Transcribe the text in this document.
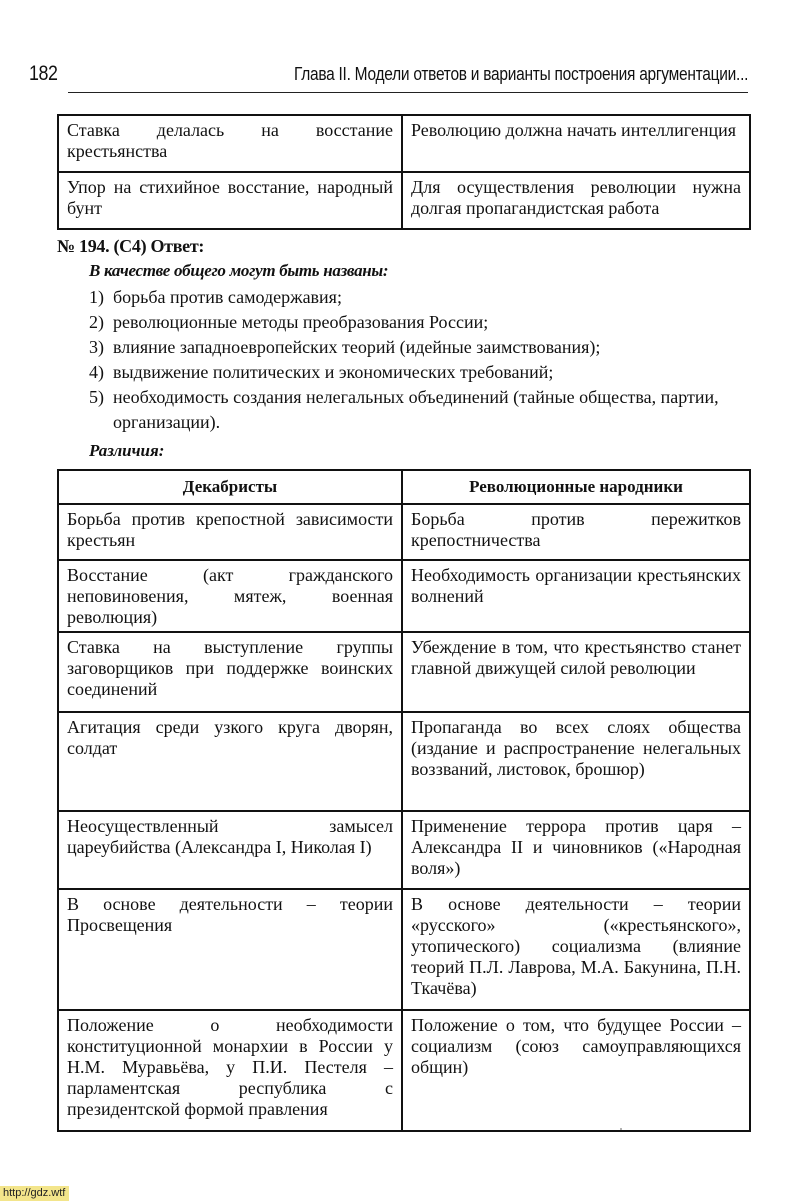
182	Глава II. Модели ответов и варианты построения аргументации...
Ставка делалась на восстание крестьянства	Революцию должна начать интеллигенция
Упор на стихийное восстание, народный бунт	Для осуществления революции нужна долгая пропагандистская работа
№ 194. (С4) Ответ:
В качестве общего могут быть названы:
1) борьба против самодержавия;
2) революционные методы преобразования России;
3) влияние западноевропейских теорий (идейные заимствования);
4) выдвижение политических и экономических требований;
5) необходимость создания нелегальных объединений (тайные общества, партии, организации).
Различия:
Декабристы	Революционные народники
Борьба против крепостной зависимости крестьян	Борьба против пережитков крепостничества
Восстание (акт гражданского неповиновения, мятеж, военная революция)	Необходимость организации крестьянских волнений
Ставка на выступление группы заговорщиков при поддержке воинских соединений	Убеждение в том, что крестьянство станет главной движущей силой революции
Агитация среди узкого круга дворян, солдат	Пропаганда во всех слоях общества (издание и распространение нелегальных воззваний, листовок, брошюр)
Неосуществленный замысел цареубийства (Александра I, Николая I)	Применение террора против царя – Александра II и чиновников («Народная воля»)
В основе деятельности – теории Просвещения	В основе деятельности – теории «русского» («крестьянского», утопического) социализма (влияние теорий П.Л. Лаврова, М.А. Бакунина, П.Н. Ткачёва)
Положение о необходимости конституционной монархии в России у Н.М. Муравьёва, у П.И. Пестеля – парламентская республика с президентской формой правления	Положение о том, что будущее России – социализм (союз самоуправляющихся общин)
http://gdz.wtf
